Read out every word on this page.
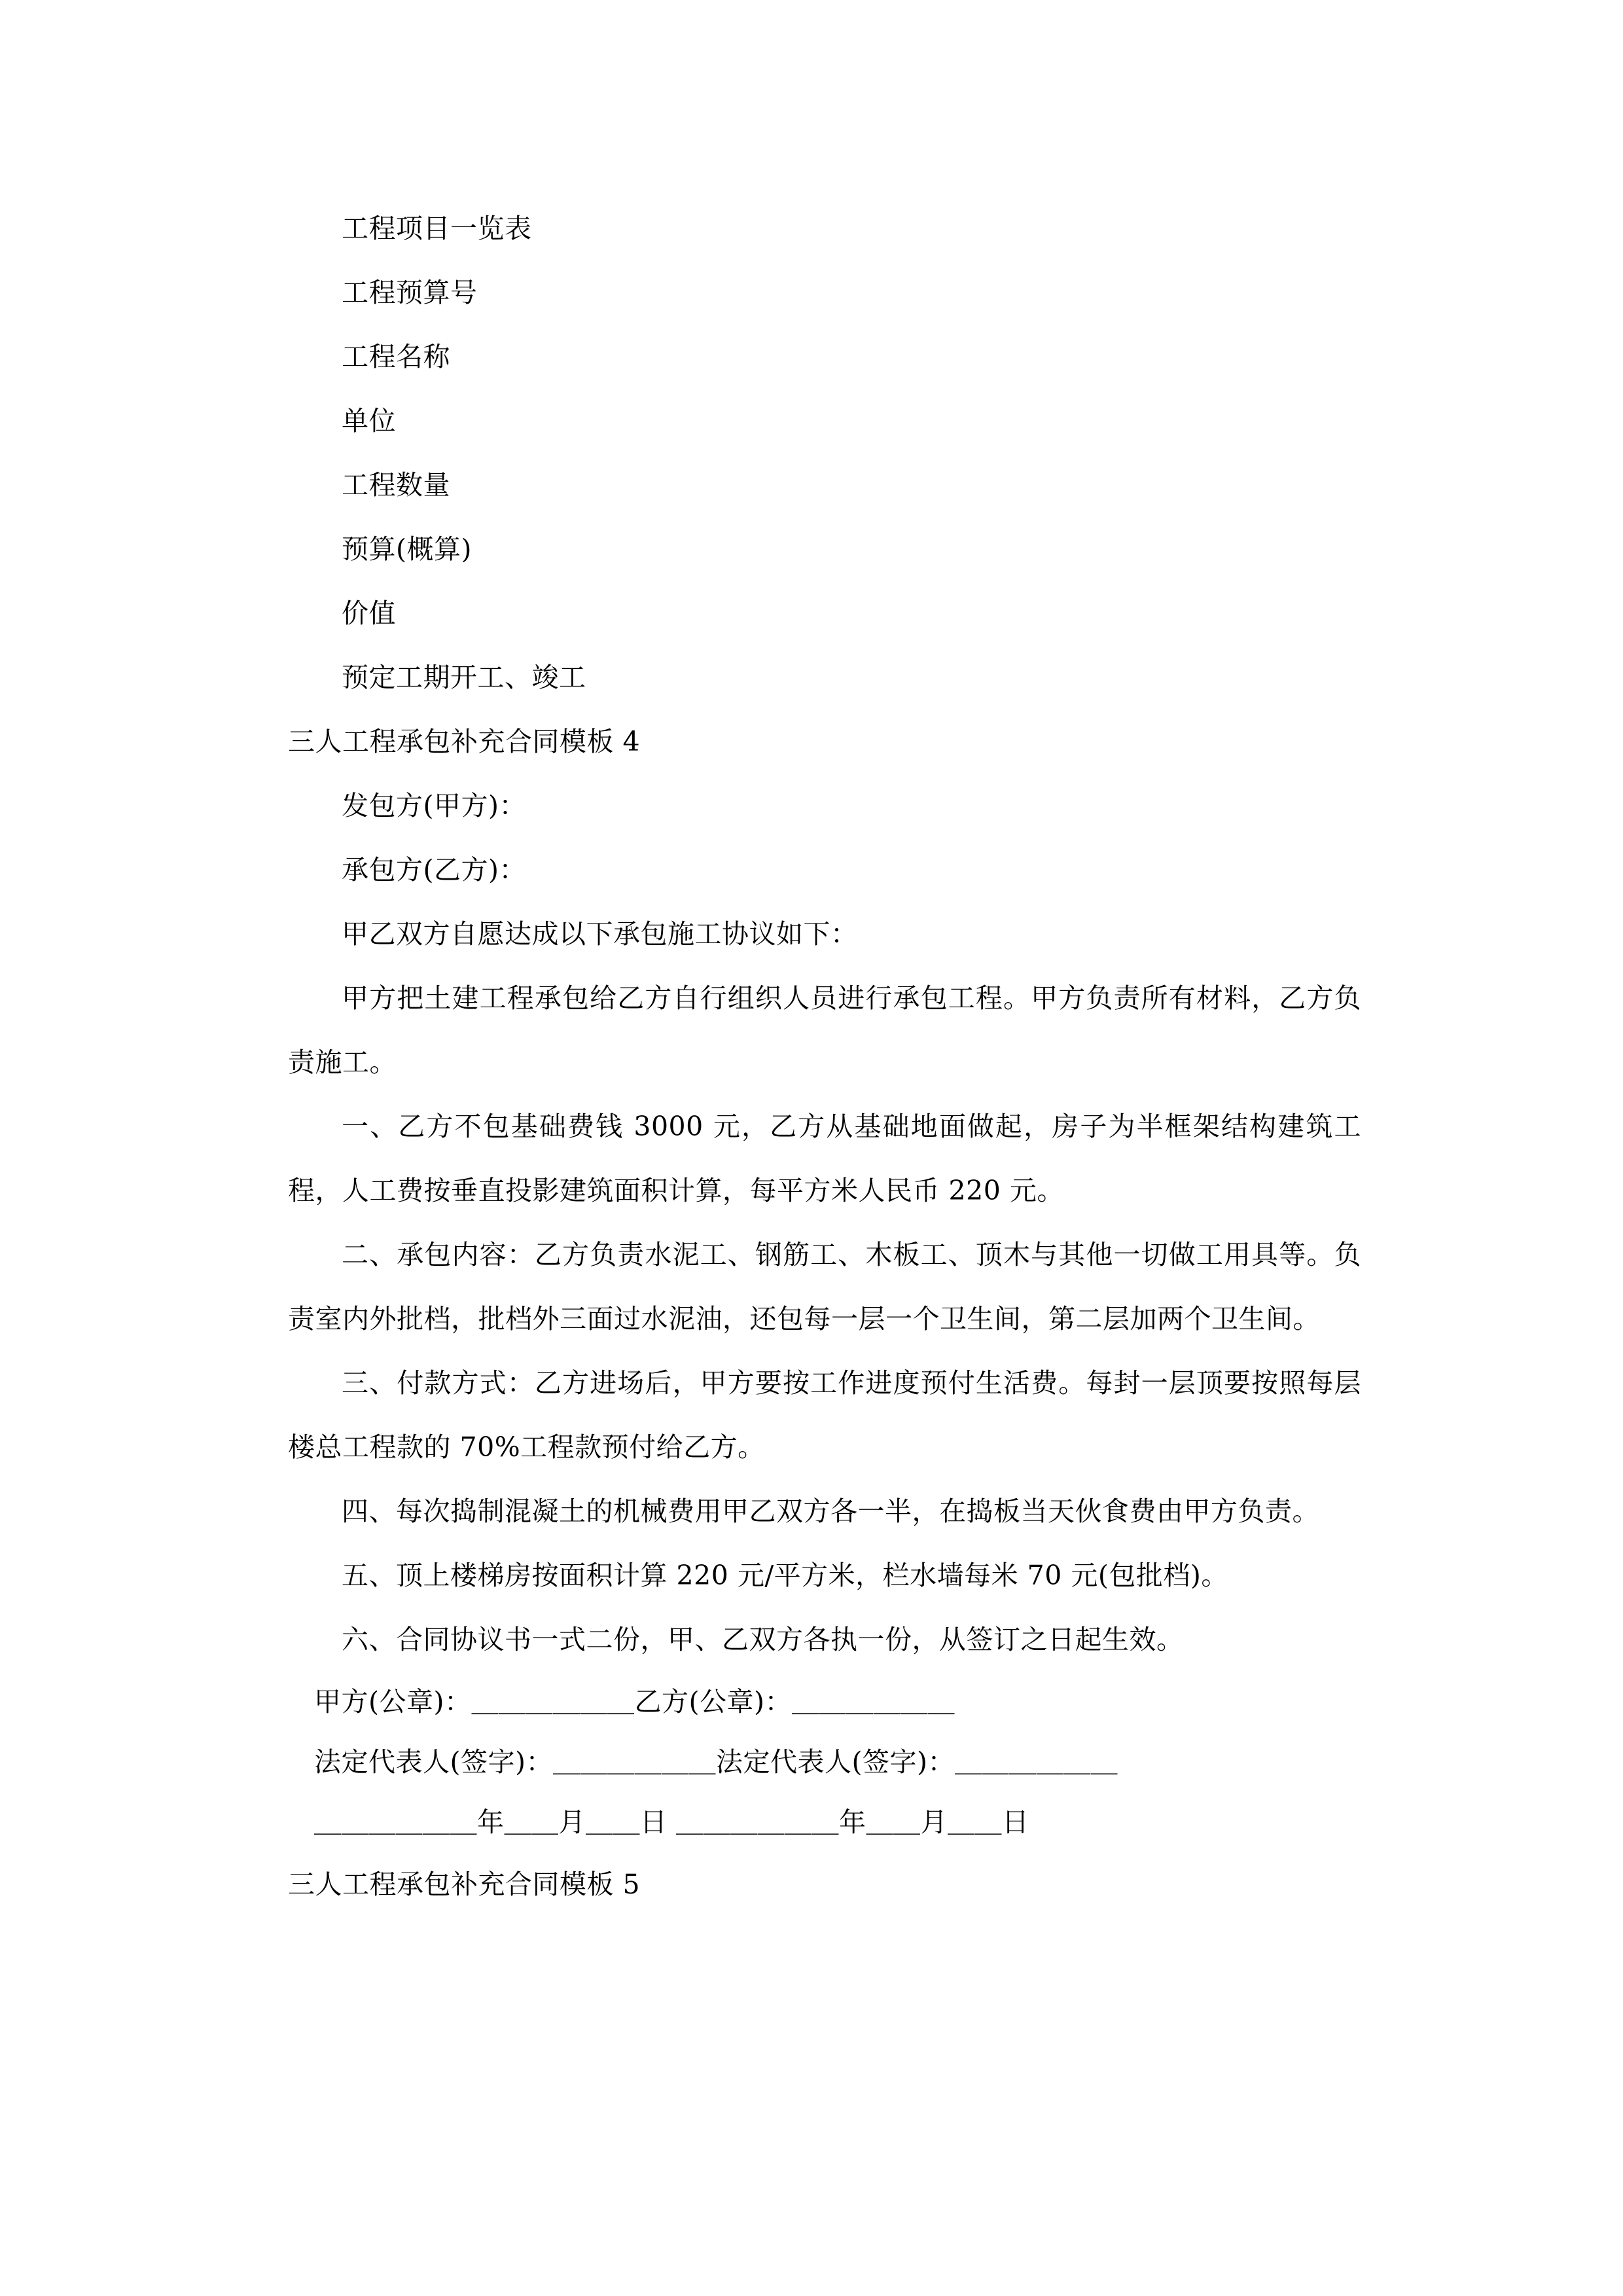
工程项目一览表
工程预算号
工程名称
单位
工程数量
预算(概算)
价值
预定工期开工、竣工
三人工程承包补充合同模板 4
发包方(甲方)：
承包方(乙方)：
甲乙双方自愿达成以下承包施工协议如下：
甲方把土建工程承包给乙方自行组织人员进行承包工程。甲方负责所有材料，乙方负责施工。
一、乙方不包基础费钱 3000 元，乙方从基础地面做起，房子为半框架结构建筑工程，人工费按垂直投影建筑面积计算，每平方米人民币 220 元。
二、承包内容：乙方负责水泥工、钢筋工、木板工、顶木与其他一切做工用具等。负责室内外批档，批档外三面过水泥油，还包每一层一个卫生间，第二层加两个卫生间。
三、付款方式：乙方进场后，甲方要按工作进度预付生活费。每封一层顶要按照每层楼总工程款的 70%工程款预付给乙方。
四、每次捣制混凝土的机械费用甲乙双方各一半，在捣板当天伙食费由甲方负责。
五、顶上楼梯房按面积计算 220 元/平方米，栏水墙每米 70 元(包批档)。
六、合同协议书一式二份，甲、乙双方各执一份，从签订之日起生效。
甲方(公章)：＿＿＿＿＿＿乙方(公章)：＿＿＿＿＿＿
法定代表人(签字)：＿＿＿＿＿＿法定代表人(签字)：＿＿＿＿＿＿
＿＿＿＿＿＿年＿＿月＿＿日 ＿＿＿＿＿＿年＿＿月＿＿日
三人工程承包补充合同模板 5
